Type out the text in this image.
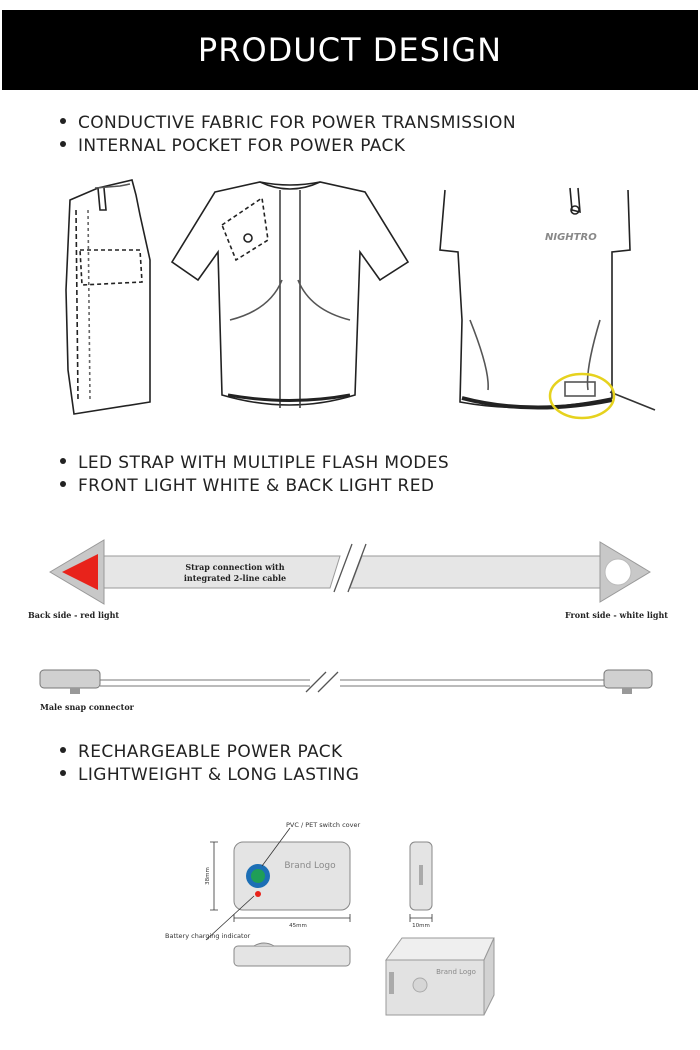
PRODUCT DESIGN
CONDUCTIVE FABRIC FOR POWER TRANSMISSION
INTERNAL POCKET FOR POWER PACK
NIGHTRO
LED STRAP WITH MULTIPLE FLASH MODES
FRONT LIGHT WHITE & BACK LIGHT RED
Strap connection with
integrated 2-line cable
Back side - red light	Front side - white light
Male snap connector
RECHARGEABLE POWER PACK
LIGHTWEIGHT & LONG LASTING
Brand Logo
38mm
45mm
PVC / PET switch cover
Battery charging indicator
10mm
Brand Logo
